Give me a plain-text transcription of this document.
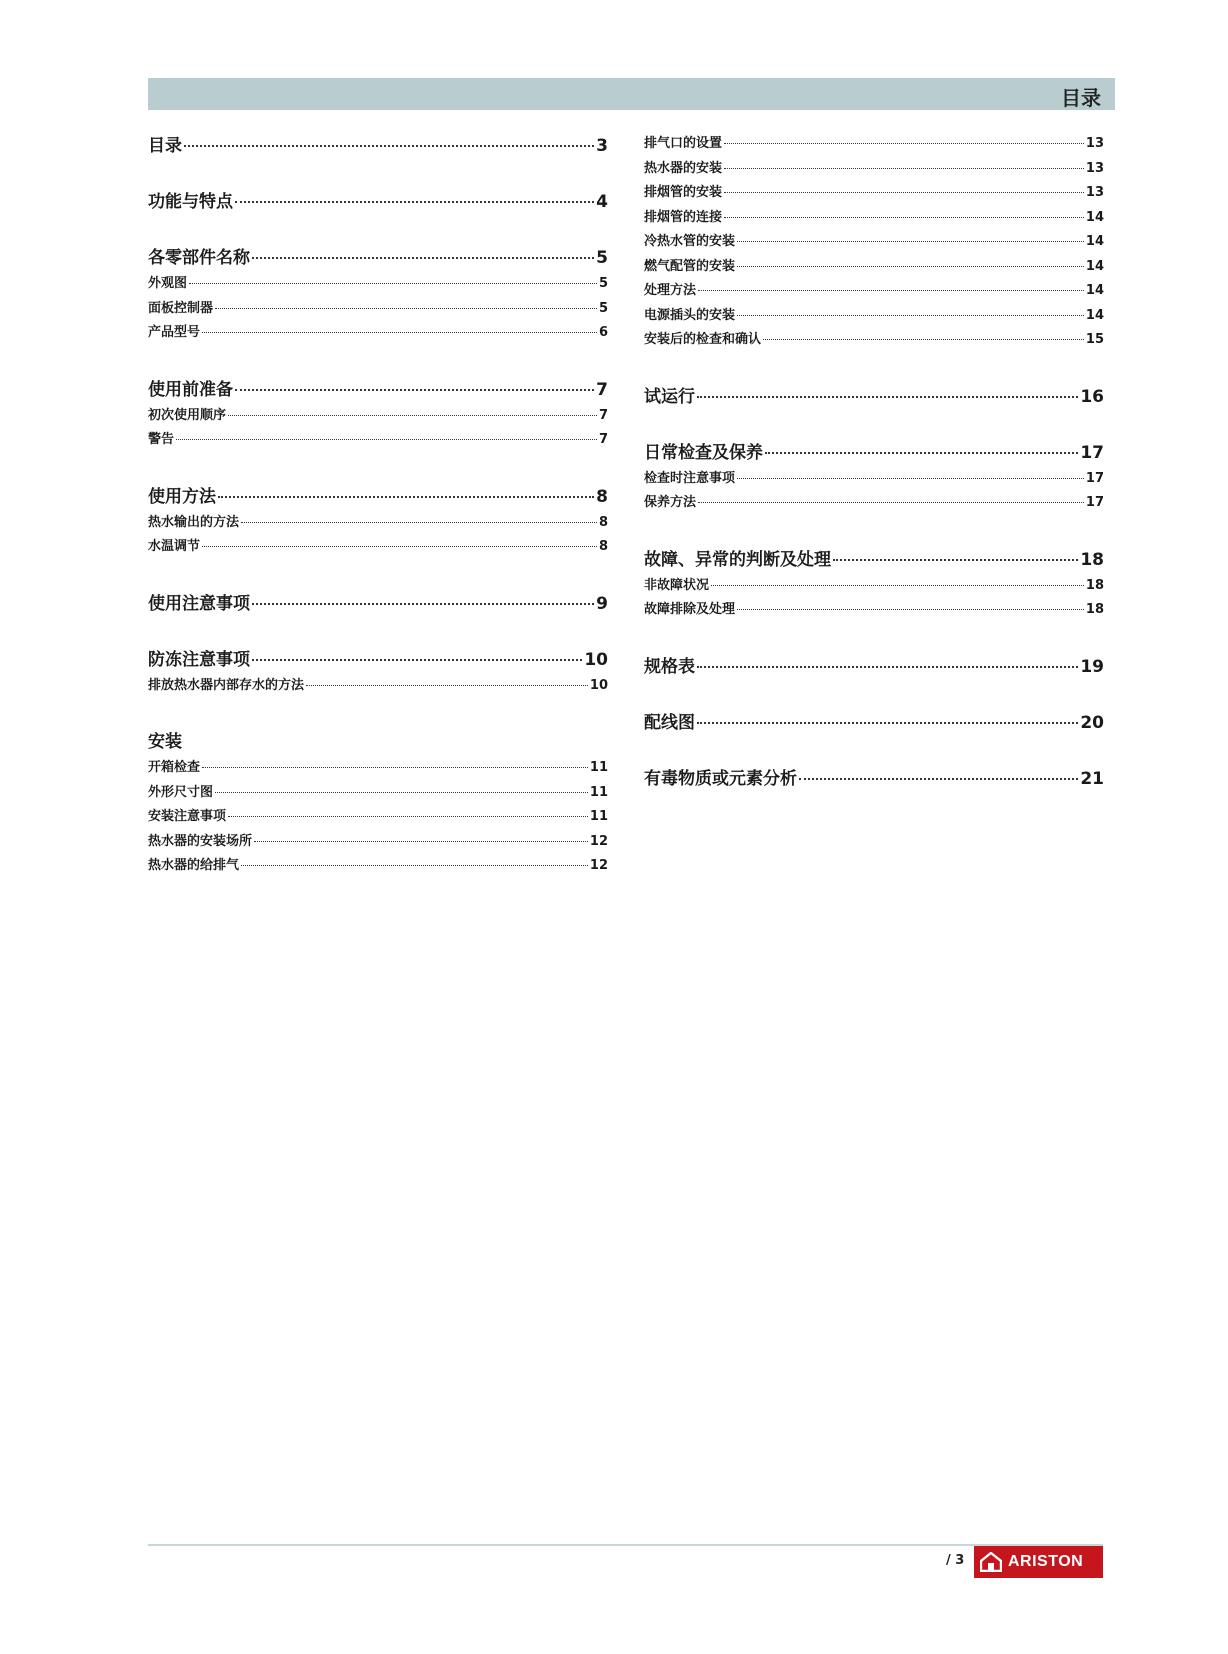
目录
目录	3
功能与特点	4
各零部件名称	5
外观图	5
面板控制器	5
产品型号	6
使用前准备	7
初次使用顺序	7
警告	7
使用方法	8
热水输出的方法	8
水温调节	8
使用注意事项	9
防冻注意事项	10
排放热水器内部存水的方法	10
安装
开箱检查	11
外形尺寸图	11
安装注意事项	11
热水器的安装场所	12
热水器的给排气	12
排气口的设置	13
热水器的安装	13
排烟管的安装	13
排烟管的连接	14
冷热水管的安装	14
燃气配管的安装	14
处理方法	14
电源插头的安装	14
安装后的检查和确认	15
试运行	16
日常检查及保养	17
检查时注意事项	17
保养方法	17
故障、异常的判断及处理	18
非故障状况	18
故障排除及处理	18
规格表	19
配线图	20
有毒物质或元素分析	21
/ 3	ARISTON
